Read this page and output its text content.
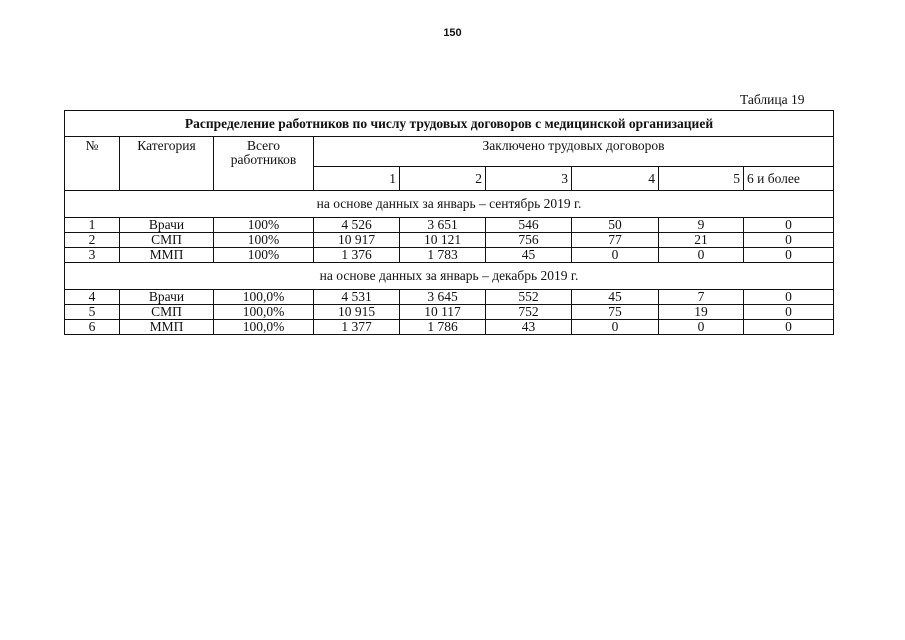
150
Таблица 19
Распределение работников по числу трудовых договоров с медицинской организацией								
№	Категория	Всего работников	Заключено трудовых договоров					
			1	2	3	4	5	6 и более
на основе данных за январь – сентябрь 2019 г.								
1	Врачи	100%	4 526	3 651	546	50	9	0
2	СМП	100%	10 917	10 121	756	77	21	0
3	ММП	100%	1 376	1 783	45	0	0	0
на основе данных за январь – декабрь 2019 г.								
4	Врачи	100,0%	4 531	3 645	552	45	7	0
5	СМП	100,0%	10 915	10 117	752	75	19	0
6	ММП	100,0%	1 377	1 786	43	0	0	0
